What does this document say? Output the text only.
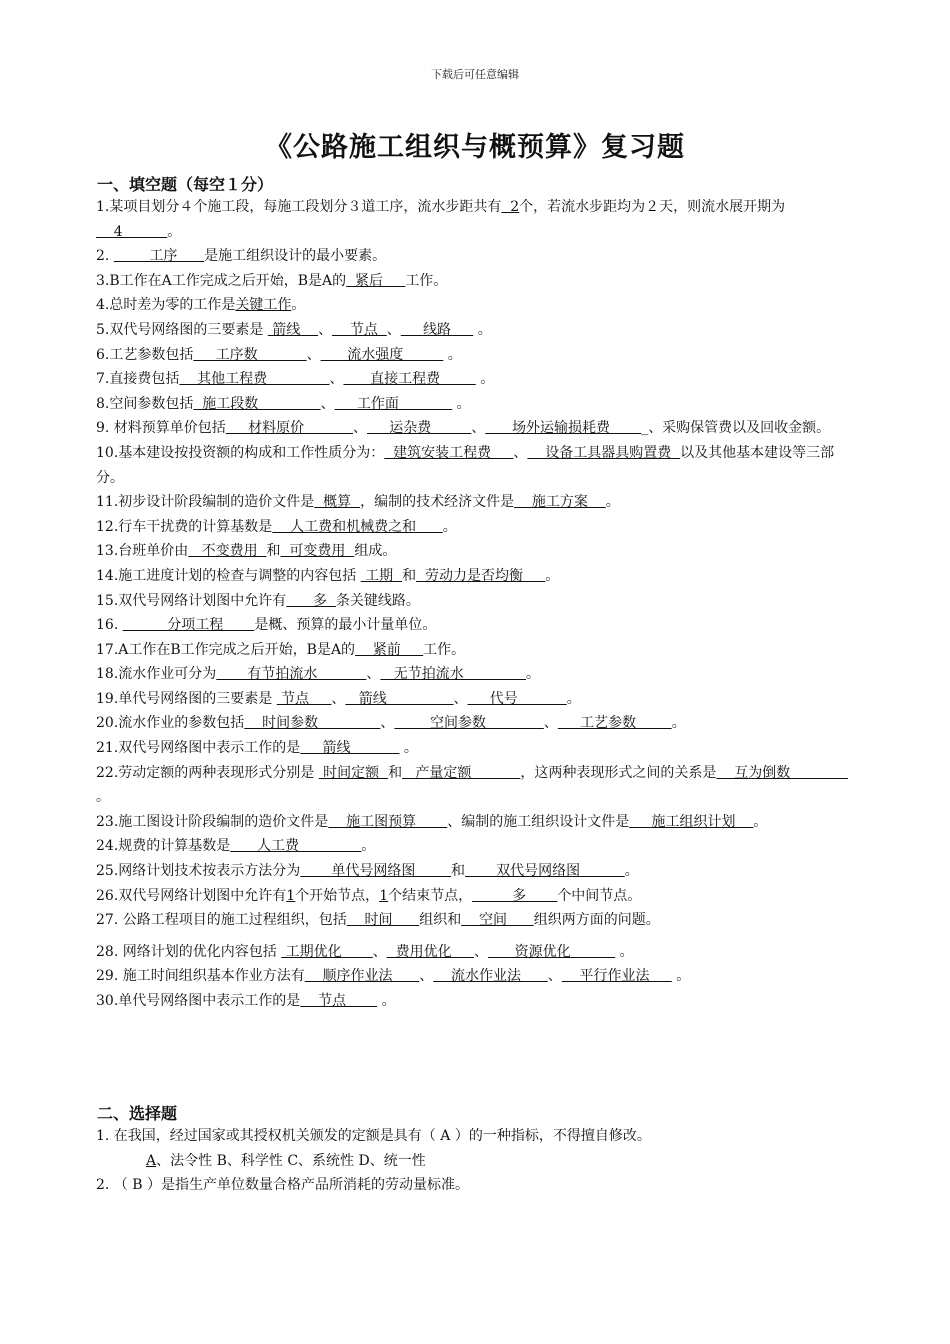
下载后可任意编辑
《公路施工组织与概预算》复习题
一、填空题（每空１分）

1.某项目划分４个施工段，每施工段划分３道工序，流水步距共有  2个，若流水步距均为２天，则流水展开期为    4          。

2.         工序      是施工组织设计的最小要素。

3.B工作在A工作完成之后开始，B是A的  紧后     工作。

4.总时差为零的工作是关键工作。

5.双代号网络图的三要素是  箭线    、    节点  、     线路      。

6.工艺参数包括     工序数           、      流水强度          。

7.直接费包括    其他工程费              、      直接工程费         。

8.空间参数包括  施工段数              、     工作面             。

9. 材料预算单价包括     材料原价           、     运杂费         、      场外运输损耗费       _、采购保管费以及回收金额。

10.基本建设按投资额的构成和工作性质分为：  建筑安装工程费     、    设备工具器具购置费  以及其他基本建设等三部分。

11.初步设计阶段编制的造价文件是  概算  ，编制的技术经济文件是    施工方案    。

12.行车干扰费的计算基数是    人工费和机械费之和      。

13.台班单价由   不变费用  和  可变费用  组成。

14.施工进度计划的检查与调整的内容包括  工期  和  劳动力是否均衡     。

15.双代号网络计划图中允许有      多  条关键线路。

16.           分项工程       是概、预算的最小计量单位。

17.A工作在B工作完成之后开始，B是A的    紧前     工作。

18.流水作业可分为       有节拍流水           、   无节拍流水              。

19.单代号网络图的三要素是  节点     、   箭线               、     代号           。

20.流水作业的参数包括    时间参数              、        空间参数             、     工艺参数        。

21.双代号网络图中表示工作的是     箭线            。

22.劳动定额的两种表现形式分别是  时间定额  和   产量定额           ，这两种表现形式之间的关系是    互为倒数              。

23.施工图设计阶段编制的造价文件是    施工图预算       、编制的施工组织设计文件是     施工组织计划    。

24.规费的计算基数是      人工费              。

25.网络计划技术按表示方法分为       单代号网络图        和       双代号网络图          。

26.双代号网络计划图中允许有1个开始节点，1个结束节点，         多       个中间节点。

27. 公路工程项目的施工过程组织，包括    时间      组织和    空间      组织两方面的问题。

28. 网络计划的优化内容包括  工期优化       、  费用优化     、      资源优化           。

29. 施工时间组织基本作业方法有    顺序作业法      、    流水作业法      、    平行作业法      。

30.单代号网络图中表示工作的是    节点        。

二、选择题

1. 在我国，经过国家或其授权机关颁发的定额是具有（ A ）的一种指标，不得擅自修改。

A、法令性 B、科学性 C、系统性 D、统一性

2. （ B ）是指生产单位数量合格产品所消耗的劳动量标准。
